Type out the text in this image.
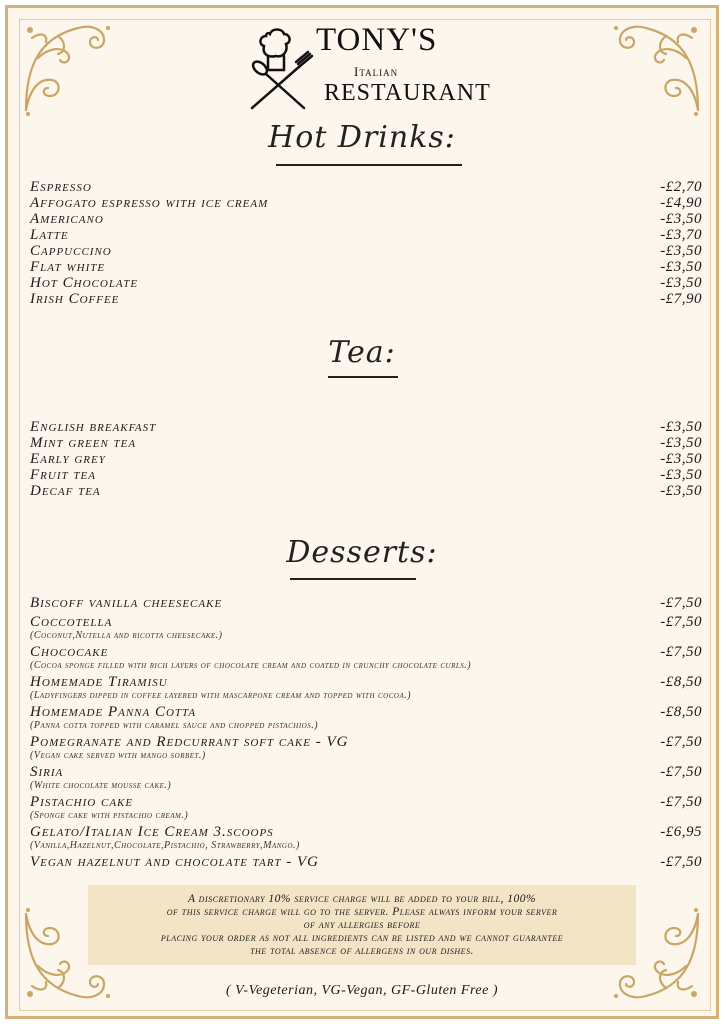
TONY'S
Italian
RESTAURANT
Hot Drinks:
Espresso	-£2,70
Affogato espresso with ice cream	-£4,90
Americano	-£3,50
Latte	-£3,70
Cappuccino	-£3,50
Flat white	-£3,50
Hot Chocolate	-£3,50
Irish Coffee	-£7,90
Tea:
English breakfast	-£3,50
Mint green tea	-£3,50
Early grey	-£3,50
Fruit tea	-£3,50
Decaf tea	-£3,50
Desserts:
Biscoff vanilla cheesecake	-£7,50
Coccotella	-£7,50
(Coconut,Nutella and ricotta cheesecake.)
Chococake	-£7,50
(Cocoa sponge filled with rich layers of chocolate cream and coated in crunchy chocolate curls.)
Homemade Tiramisu	-£8,50
(Ladyfingers dipped in coffee layered with mascarpone cream and topped with cocoa.)
Homemade Panna Cotta	-£8,50
(Panna cotta topped with caramel sauce and chopped pistachios.)
Pomegranate and Redcurrant soft cake - VG	-£7,50
(Vegan cake served with mango sorbet.)
Siria	-£7,50
(White chocolate mousse cake.)
Pistachio cake	-£7,50
(Sponge cake with pistachio cream.)
Gelato/Italian Ice Cream 3.scoops	-£6,95
(Vanilla,Hazelnut,Chocolate,Pistachio, Strawberry,Mango.)
Vegan hazelnut and chocolate tart - VG	-£7,50
A discretionary 10% service charge will be added to your bill, 100%
of this service charge will go to the server. Please always inform your server
of any allergies before
placing your order as not all ingredients can be listed and we cannot guarantee
the total absence of allergens in our dishes.
( V-Vegeterian, VG-Vegan, GF-Gluten Free )
